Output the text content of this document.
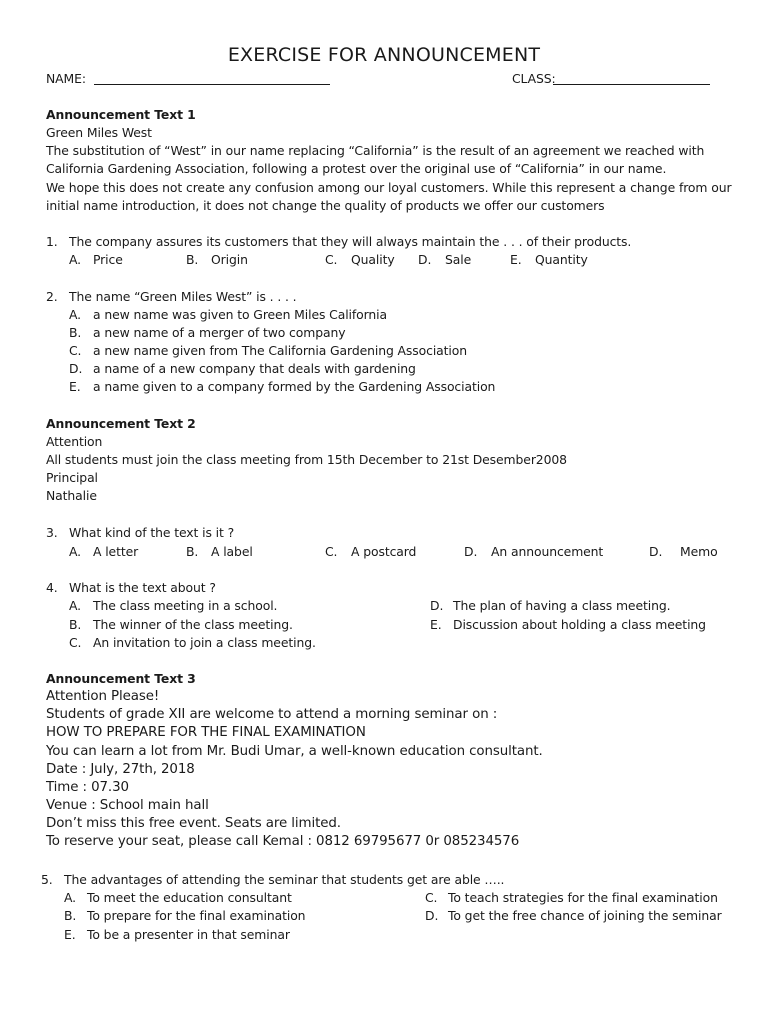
EXERCISE FOR ANNOUNCEMENT
NAME:	CLASS:
Announcement Text 1
Green Miles West
The substitution of “West” in our name replacing “California” is the result of an agreement we reached with
California Gardening Association, following a protest over the original use of “California” in our name.
We hope this does not create any confusion among our loyal customers. While this represent a change from our
initial name introduction, it does not change the quality of products we offer our customers
1. The company assures its customers that they will always maintain the . . . of their products.
A. Price	B. Origin	C. Quality D. Sale	E. Quantity
2. The name “Green Miles West” is . . . .
A. a new name was given to Green Miles California
B. a new name of a merger of two company
C. a new name given from The California Gardening Association
D. a name of a new company that deals with gardening
E. a name given to a company formed by the Gardening Association
Announcement Text 2
Attention
All students must join the class meeting from 15th December to 21st Desember2008
Principal
Nathalie
3. What kind of the text is it ?
A. A letter	B. A label	C. A postcard	D. An announcement	D. Memo
4. What is the text about ?
A. The class meeting in a school.
B. The winner of the class meeting.
C. An invitation to join a class meeting.
D. The plan of having a class meeting.
E. Discussion about holding a class meeting
Announcement Text 3
Attention Please!
Students of grade XII are welcome to attend a morning seminar on :
HOW TO PREPARE FOR THE FINAL EXAMINATION
You can learn a lot from Mr. Budi Umar, a well-known education consultant.
Date : July, 27th, 2018
Time : 07.30
Venue : School main hall
Don’t miss this free event. Seats are limited.
To reserve your seat, please call Kemal : 0812 69795677 0r 085234576
5. The advantages of attending the seminar that students get are able …..
A. To meet the education consultant
B. To prepare for the final examination
E. To be a presenter in that seminar
C. To teach strategies for the final examination
D. To get the free chance of joining the seminar
